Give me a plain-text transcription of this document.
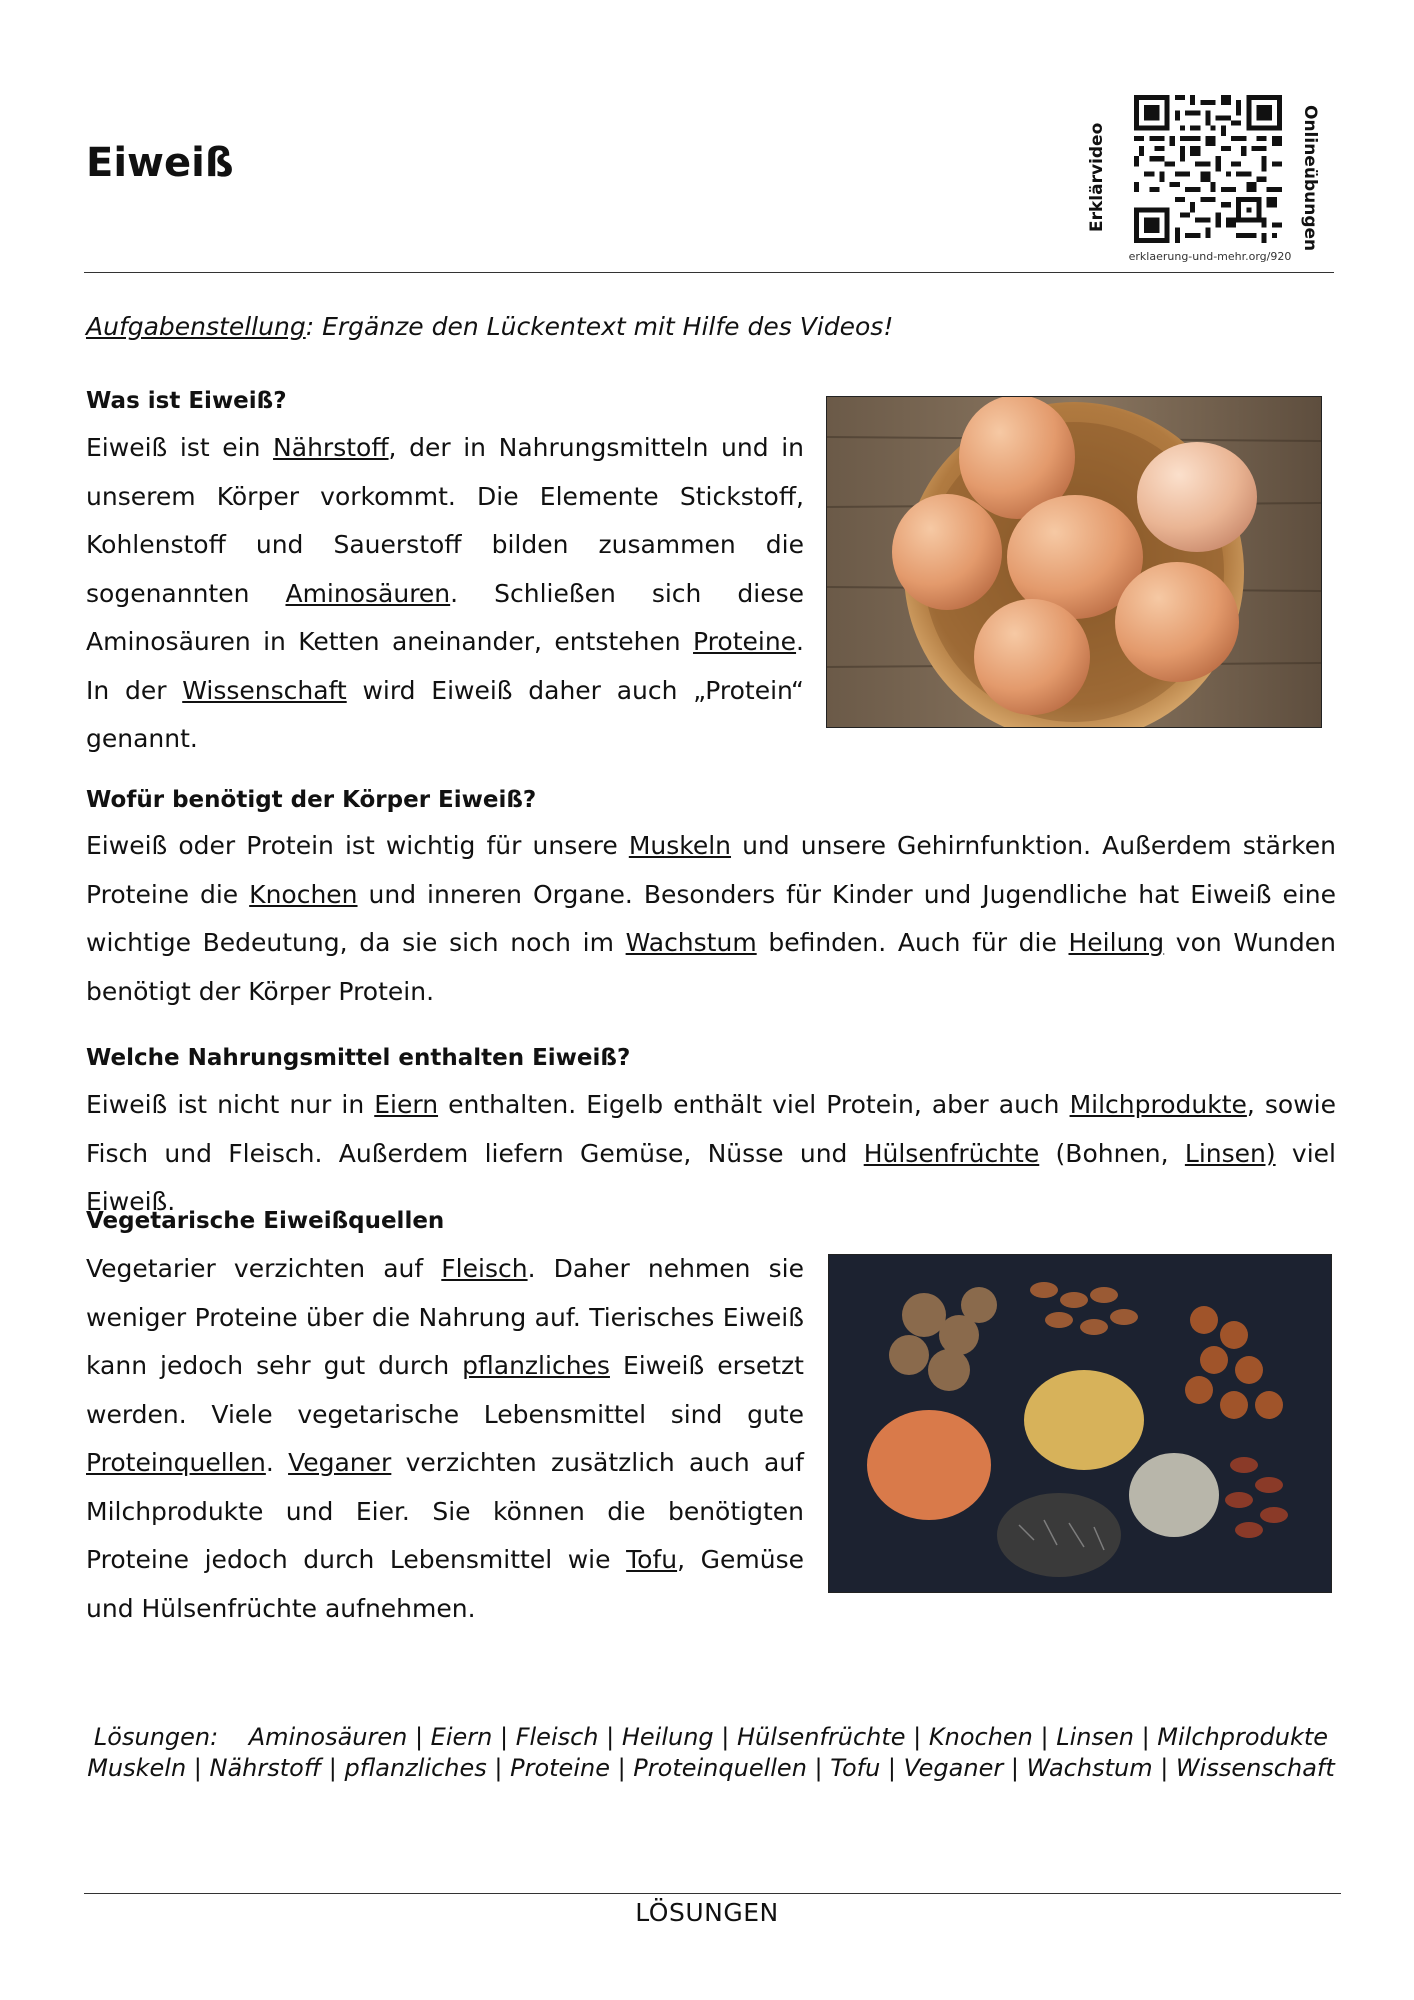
Eiweiß	Erklärvideo	Onlineübungen
erklaerung-und-mehr.org/920
Aufgabenstellung: Ergänze den Lückentext mit Hilfe des Videos!
Was ist Eiweiß?
Eiweiß ist ein Nährstoff, der in Nahrungsmitteln und in unserem Körper vorkommt. Die Elemente Stickstoff, Kohlenstoff und Sauerstoff bilden zusammen die sogenannten Aminosäuren. Schließen sich diese Aminosäuren in Ketten aneinander, entstehen Proteine. In der Wissenschaft wird Eiweiß daher auch „Protein“ genannt.
Wofür benötigt der Körper Eiweiß?
Eiweiß oder Protein ist wichtig für unsere Muskeln und unsere Gehirnfunktion. Außerdem stärken Proteine die Knochen und inneren Organe. Besonders für Kinder und Jugendliche hat Eiweiß eine wichtige Bedeutung, da sie sich noch im Wachstum befinden. Auch für die Heilung von Wunden benötigt der Körper Protein.
Welche Nahrungsmittel enthalten Eiweiß?
Eiweiß ist nicht nur in Eiern enthalten. Eigelb enthält viel Protein, aber auch Milchprodukte, sowie Fisch und Fleisch. Außerdem liefern Gemüse, Nüsse und Hülsenfrüchte (Bohnen, Linsen) viel Eiweiß.
Vegetarische Eiweißquellen
Vegetarier verzichten auf Fleisch. Daher nehmen sie weniger Proteine über die Nahrung auf. Tierisches Eiweiß kann jedoch sehr gut durch pflanzliches Eiweiß ersetzt werden. Viele vegetarische Lebensmittel sind gute Proteinquellen. Veganer verzichten zusätzlich auch auf Milchprodukte und Eier. Sie können die benötigten Proteine jedoch durch Lebensmittel wie Tofu, Gemüse und Hülsenfrüchte aufnehmen.
Lösungen:    Aminosäuren | Eiern | Fleisch | Heilung | Hülsenfrüchte | Knochen | Linsen | Milchprodukte
Muskeln | Nährstoff | pflanzliches | Proteine | Proteinquellen | Tofu | Veganer | Wachstum | Wissenschaft
LÖSUNGEN
